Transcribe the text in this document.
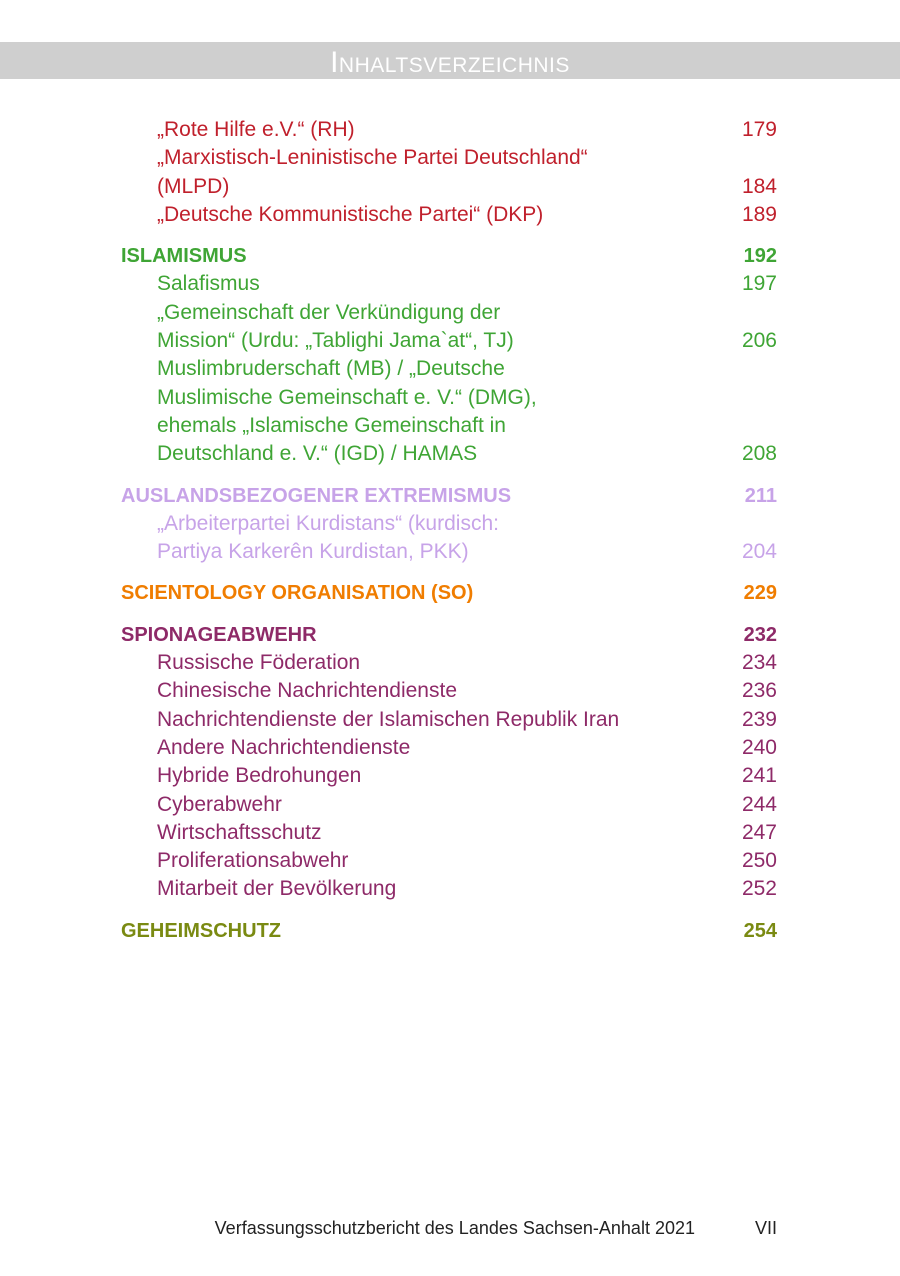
Inhaltsverzeichnis
„Rote Hilfe e.V.“ (RH)	179
„Marxistisch-Leninistische Partei Deutschland“
(MLPD)	184
„Deutsche Kommunistische Partei“ (DKP)	189
ISLAMISMUS	192
Salafismus	197
„Gemeinschaft der Verkündigung der
Mission“ (Urdu: „Tablighi Jama`at“, TJ)	206
Muslimbruderschaft (MB) / „Deutsche
Muslimische Gemeinschaft e. V.“ (DMG),
ehemals „Islamische Gemeinschaft in
Deutschland e. V.“ (IGD) / HAMAS	208
AUSLANDSBEZOGENER EXTREMISMUS	211
„Arbeiterpartei Kurdistans“ (kurdisch:
Partiya Karkerên Kurdistan, PKK)	204
SCIENTOLOGY ORGANISATION (SO)	229
SPIONAGEABWEHR	232
Russische Föderation	234
Chinesische Nachrichtendienste	236
Nachrichtendienste der Islamischen Republik Iran	239
Andere Nachrichtendienste	240
Hybride Bedrohungen	241
Cyberabwehr	244
Wirtschaftsschutz	247
Proliferationsabwehr	250
Mitarbeit der Bevölkerung	252
GEHEIMSCHUTZ	254
Verfassungsschutzbericht des Landes Sachsen-Anhalt 2021	VII
